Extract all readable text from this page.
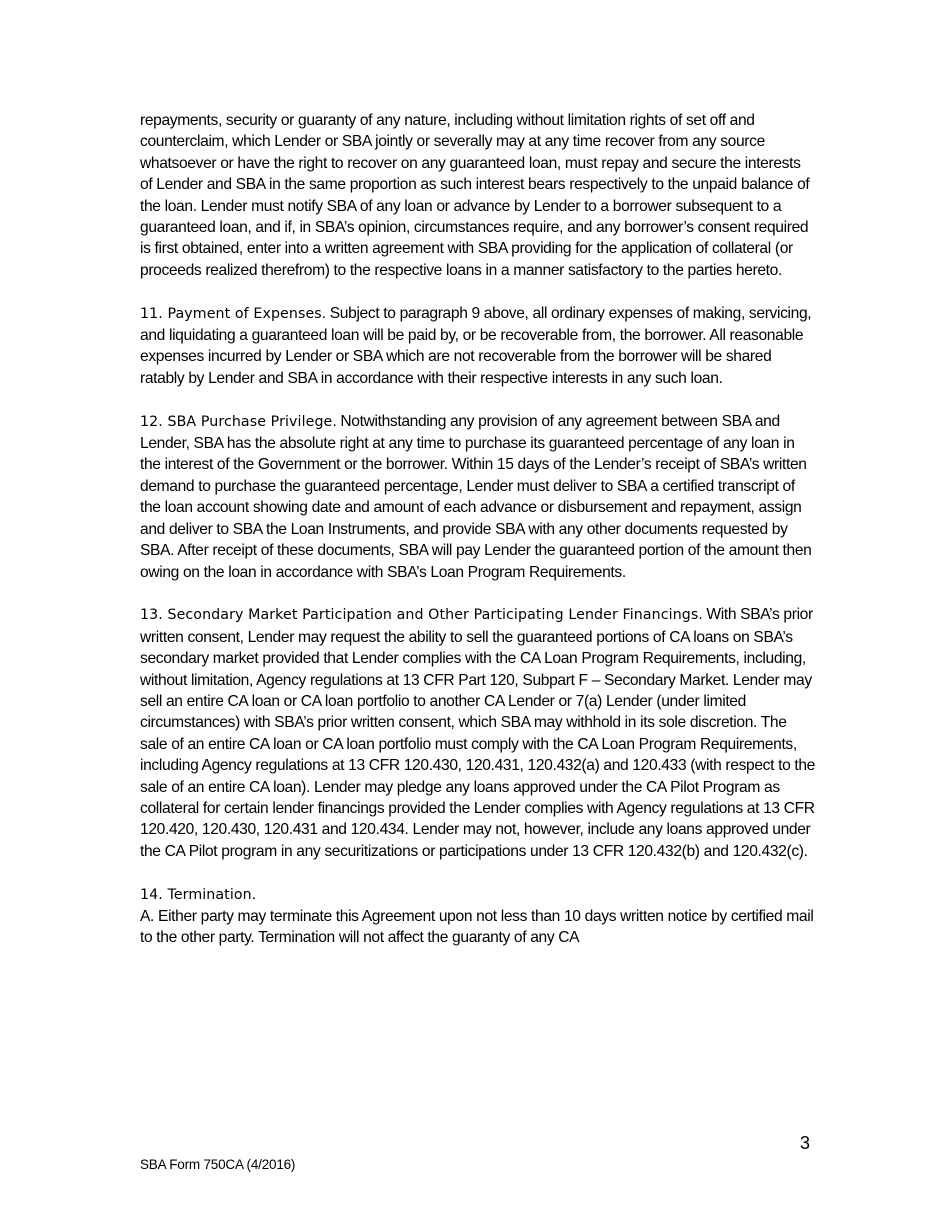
repayments, security or guaranty of any nature, including without limitation rights of set off and counterclaim, which Lender or SBA jointly or severally may at any time recover from any source whatsoever or have the right to recover on any guaranteed loan, must repay and secure the interests of Lender and SBA in the same proportion as such interest bears respectively to the unpaid balance of the loan. Lender must notify SBA of any loan or advance by Lender to a borrower subsequent to a guaranteed loan, and if, in SBA’s opinion, circumstances require, and any borrower’s consent required is first obtained, enter into a written agreement with SBA providing for the application of collateral (or proceeds realized therefrom) to the respective loans in a manner satisfactory to the parties hereto.

11. Payment of Expenses. Subject to paragraph 9 above, all ordinary expenses of making, servicing, and liquidating a guaranteed loan will be paid by, or be recoverable from, the borrower. All reasonable expenses incurred by Lender or SBA which are not recoverable from the borrower will be shared ratably by Lender and SBA in accordance with their respective interests in any such loan.

12. SBA Purchase Privilege. Notwithstanding any provision of any agreement between SBA and Lender, SBA has the absolute right at any time to purchase its guaranteed percentage of any loan in the interest of the Government or the borrower. Within 15 days of the Lender’s receipt of SBA’s written demand to purchase the guaranteed percentage, Lender must deliver to SBA a certified transcript of the loan account showing date and amount of each advance or disbursement and repayment, assign and deliver to SBA the Loan Instruments, and provide SBA with any other documents requested by SBA. After receipt of these documents, SBA will pay Lender the guaranteed portion of the amount then owing on the loan in accordance with SBA’s Loan Program Requirements.

13. Secondary Market Participation and Other Participating Lender Financings. With SBA’s prior written consent, Lender may request the ability to sell the guaranteed portions of CA loans on SBA’s secondary market provided that Lender complies with the CA Loan Program Requirements, including, without limitation, Agency regulations at 13 CFR Part 120, Subpart F – Secondary Market. Lender may sell an entire CA loan or CA loan portfolio to another CA Lender or 7(a) Lender (under limited circumstances) with SBA’s prior written consent, which SBA may withhold in its sole discretion. The sale of an entire CA loan or CA loan portfolio must comply with the CA Loan Program Requirements, including Agency regulations at 13 CFR 120.430, 120.431, 120.432(a) and 120.433 (with respect to the sale of an entire CA loan). Lender may pledge any loans approved under the CA Pilot Program as collateral for certain lender financings provided the Lender complies with Agency regulations at 13 CFR 120.420, 120.430, 120.431 and 120.434. Lender may not, however, include any loans approved under the CA Pilot program in any securitizations or participations under 13 CFR 120.432(b) and 120.432(c).

14. Termination.
A. Either party may terminate this Agreement upon not less than 10 days written notice by certified mail to the other party. Termination will not affect the guaranty of any CA
3
SBA Form 750CA (4/2016)
